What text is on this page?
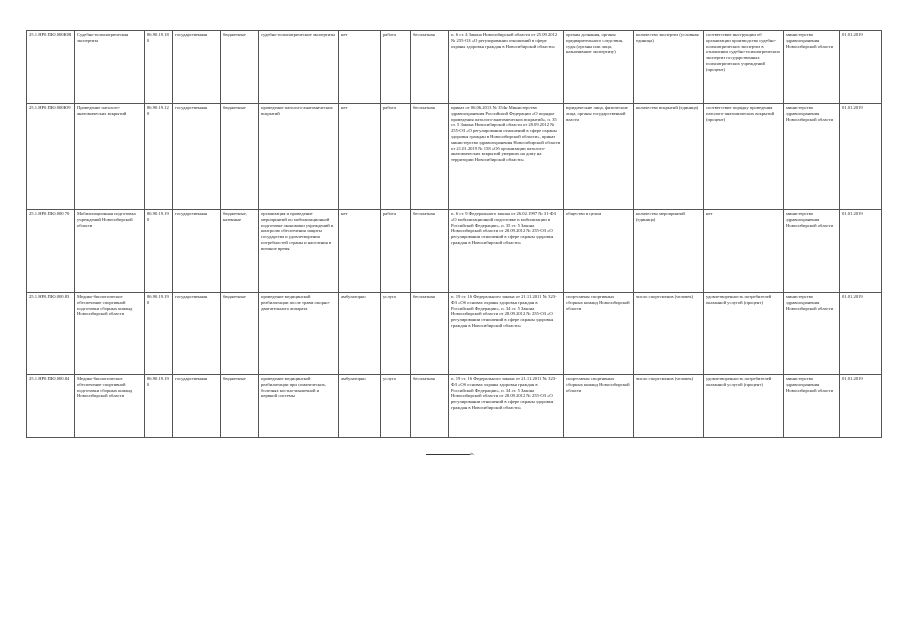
25.1.НР0.ПЮ.000ЮВ	Судебно-психиатрическая экспертиза	86.90.19.180	государственная	бюджетные	судебно-психиатрические экспертизы	нет	работа	бесплатная	п. 6 ст. 4 Закона Новосибирской области от 25.09.2012 № 255-ОЗ «О регулировании отношений в сфере охраны здоровья граждан в Новосибирской области»	органы дознания, органы предварительного следствия, суды (органы или лица, назначившие экспертизу)	количество экспертиз (условная единица)	соответствие инструкции об организации производства судебно-психиатрических экспертиз в отношении судебно-психиатрических экспертиз государственных психиатрических учреждений (процент)	министерство здравоохранения Новосибирской области	01.01.2019
25.1.НР0.ПЮ.000Ю9	Проведение патолого-анатомических вскрытий	86.90.19.120	государственная	бюджетные	проведение патолого-анатомических вскрытий	нет	работа	бесплатная	приказ от 06.06.2013 № 354н Министерства здравоохранения Российской Федерации «О порядке проведения патолого-анатомических вскрытий», п. 35 ст. 5 Закона Новосибирской области от 28.09.2012 № 255-ОЗ «О регулировании отношений в сфере охраны здоровья граждан в Новосибирской области», приказ министерства здравоохранения Новосибирской области от 21.01.2019 № 158 «Об организации патолого-анатомических вскрытий умерших на дому на территории Новосибирской области»	юридические лица, физические лица, органы государственной власти	количество вскрытий (единица)	соответствие порядку проведения патолого-анатомических вскрытий (процент)	министерство здравоохранения Новосибирской области	01.01.2019
25.1.НР0.ПЮ.000 70	Мобилизационная подготовка учреждений Новосибирской области	86.90.19.190	государственная	бюджетные, казенные	организация и проведение мероприятий по мобилизационной подготовке экономики учреждений и контролю обеспечения защиты государства и удовлетворения потребностей страны и населения в военное время	нет	работа	бесплатная	п. 6 ст. 9 Федерального закона от 26.02.1997 № 31-ФЗ «О мобилизационной подготовке и мобилизации в Российской Федерации», п. 35 ст. 5 Закона Новосибирской области от 28.09.2012 № 255-ОЗ «О регулировании отношений в сфере охраны здоровья граждан в Новосибирской области»	общество в целом	количество мероприятий (единица)	нет	министерство здравоохранения Новосибирской области	01.01.2019
25.1.НР0.ПЮ.000.83	Медико-биологическое обеспечение спортивной подготовки сборных команд Новосибирской области	86.90.19.190	государственная	бюджетные	проведение медицинской реабилитации после травм опорно-двигательного аппарата	амбулаторно	услуга	бесплатная	п. 19 ст. 16 Федерального закона от 21.11.2011 № 323-ФЗ «Об основах охраны здоровья граждан в Российской Федерации», п. 34 ст. 5 Закона Новосибирской области от 28.09.2012 № 255-ОЗ «О регулировании отношений в сфере охраны здоровья граждан в Новосибирской области»	спортсмены спортивных сборных команд Новосибирской области	число спортсменов (человек)	удовлетворенность потребителей оказанной услугой (процент)	министерство здравоохранения Новосибирской области	01.01.2019
25.1.НР0.ПЮ.000.84	Медико-биологическое обеспечение спортивной подготовки сборных команд Новосибирской области	86.90.19.190	государственная	бюджетные	проведение медицинской реабилитации при соматических, болезнях костно-мышечной и нервной системы	амбулаторно	услуга	бесплатная	п. 19 ст. 16 Федерального закона от 21.11.2011 № 323-ФЗ «Об основах охраны здоровья граждан в Российской Федерации», п. 34 ст. 5 Закона Новосибирской области от 28.09.2012 № 255-ОЗ «О регулировании отношений в сфере охраны здоровья граждан в Новосибирской области»	спортсмены спортивных сборных команд Новосибирской области	число спортсменов (человек)	удовлетворенность потребителей оказанной услугой (процент)	министерство здравоохранения Новосибирской области	01.01.2019
».
